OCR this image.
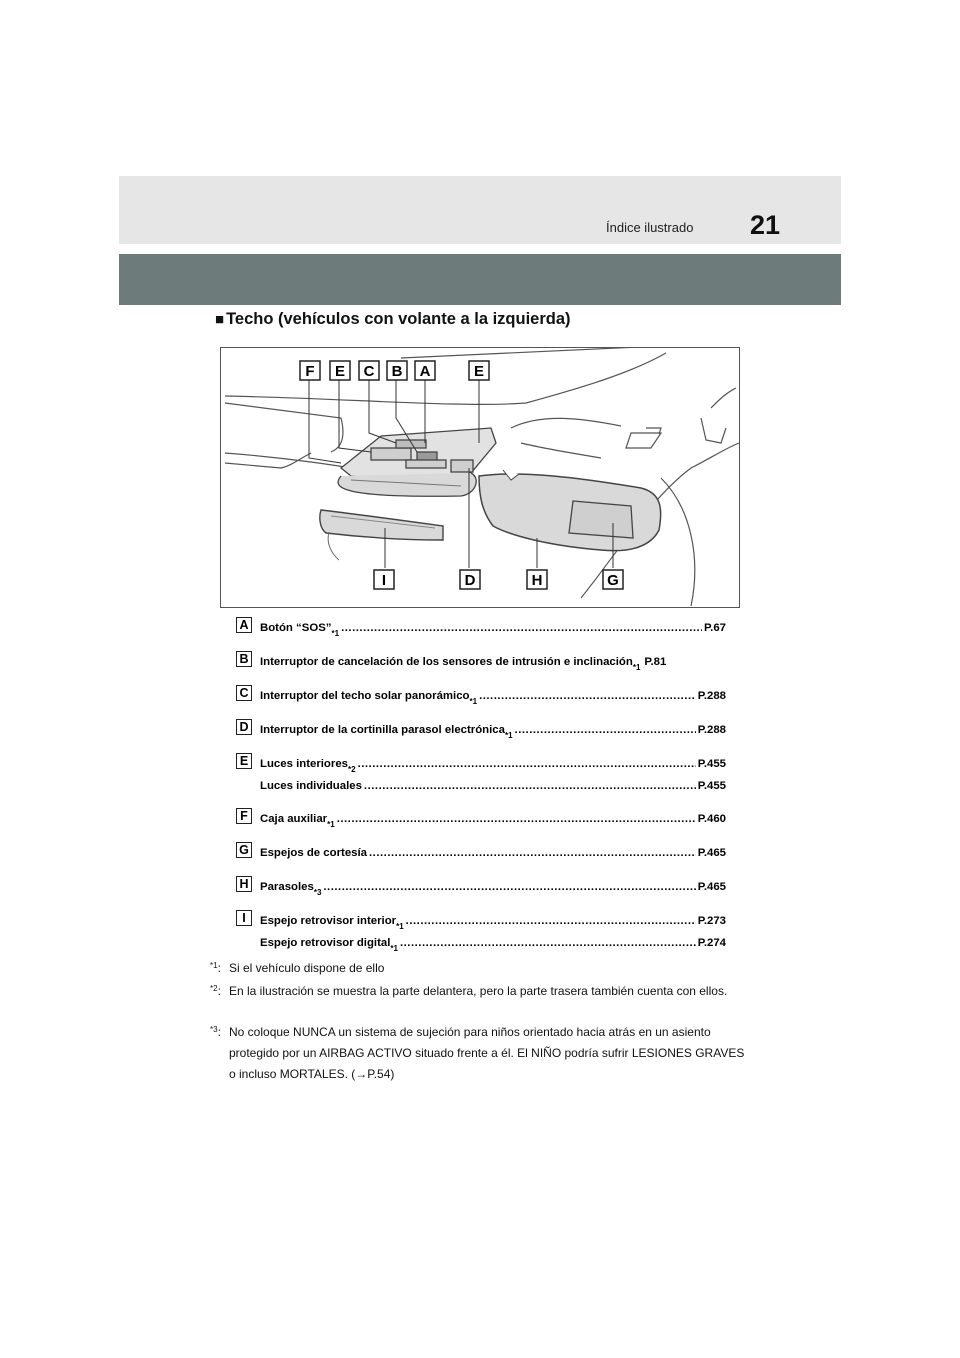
Índice ilustrado 21
■ Techo (vehículos con volante a la izquierda)
F E C B A	E
I	D	H	G
A	Botón “SOS” *1 .....	P.67
B	Interruptor de cancelación de los sensores de intrusión e inclinación *1 P.81
C	Interruptor del techo solar panorámico *1 .....	P.288
D	Interruptor de la cortinilla parasol electrónica *1 .....	P.288
E	Luces interiores *2 .....	P.455
Luces individuales .....	P.455
F	Caja auxiliar *1 .....	P.460
G Espejos de cortesía .....	P.465
H	Parasoles *3 .....	P.465
I	Espejo retrovisor interior *1 .....	P.273
Espejo retrovisor digital *1 .....	P.274
$^{*1}$: Si el vehículo dispone de ello
$^{*2}$: En la ilustración se muestra la parte delantera, pero la parte trasera también cuenta con ellos.
$^{*3}$: No coloque NUNCA un sistema de sujeción para niños orientado hacia atrás en un asiento protegido por un AIRBAG ACTIVO situado frente a él. El NIÑO podría sufrir LESIONES GRAVES o incluso MORTALES. (→P.54)
